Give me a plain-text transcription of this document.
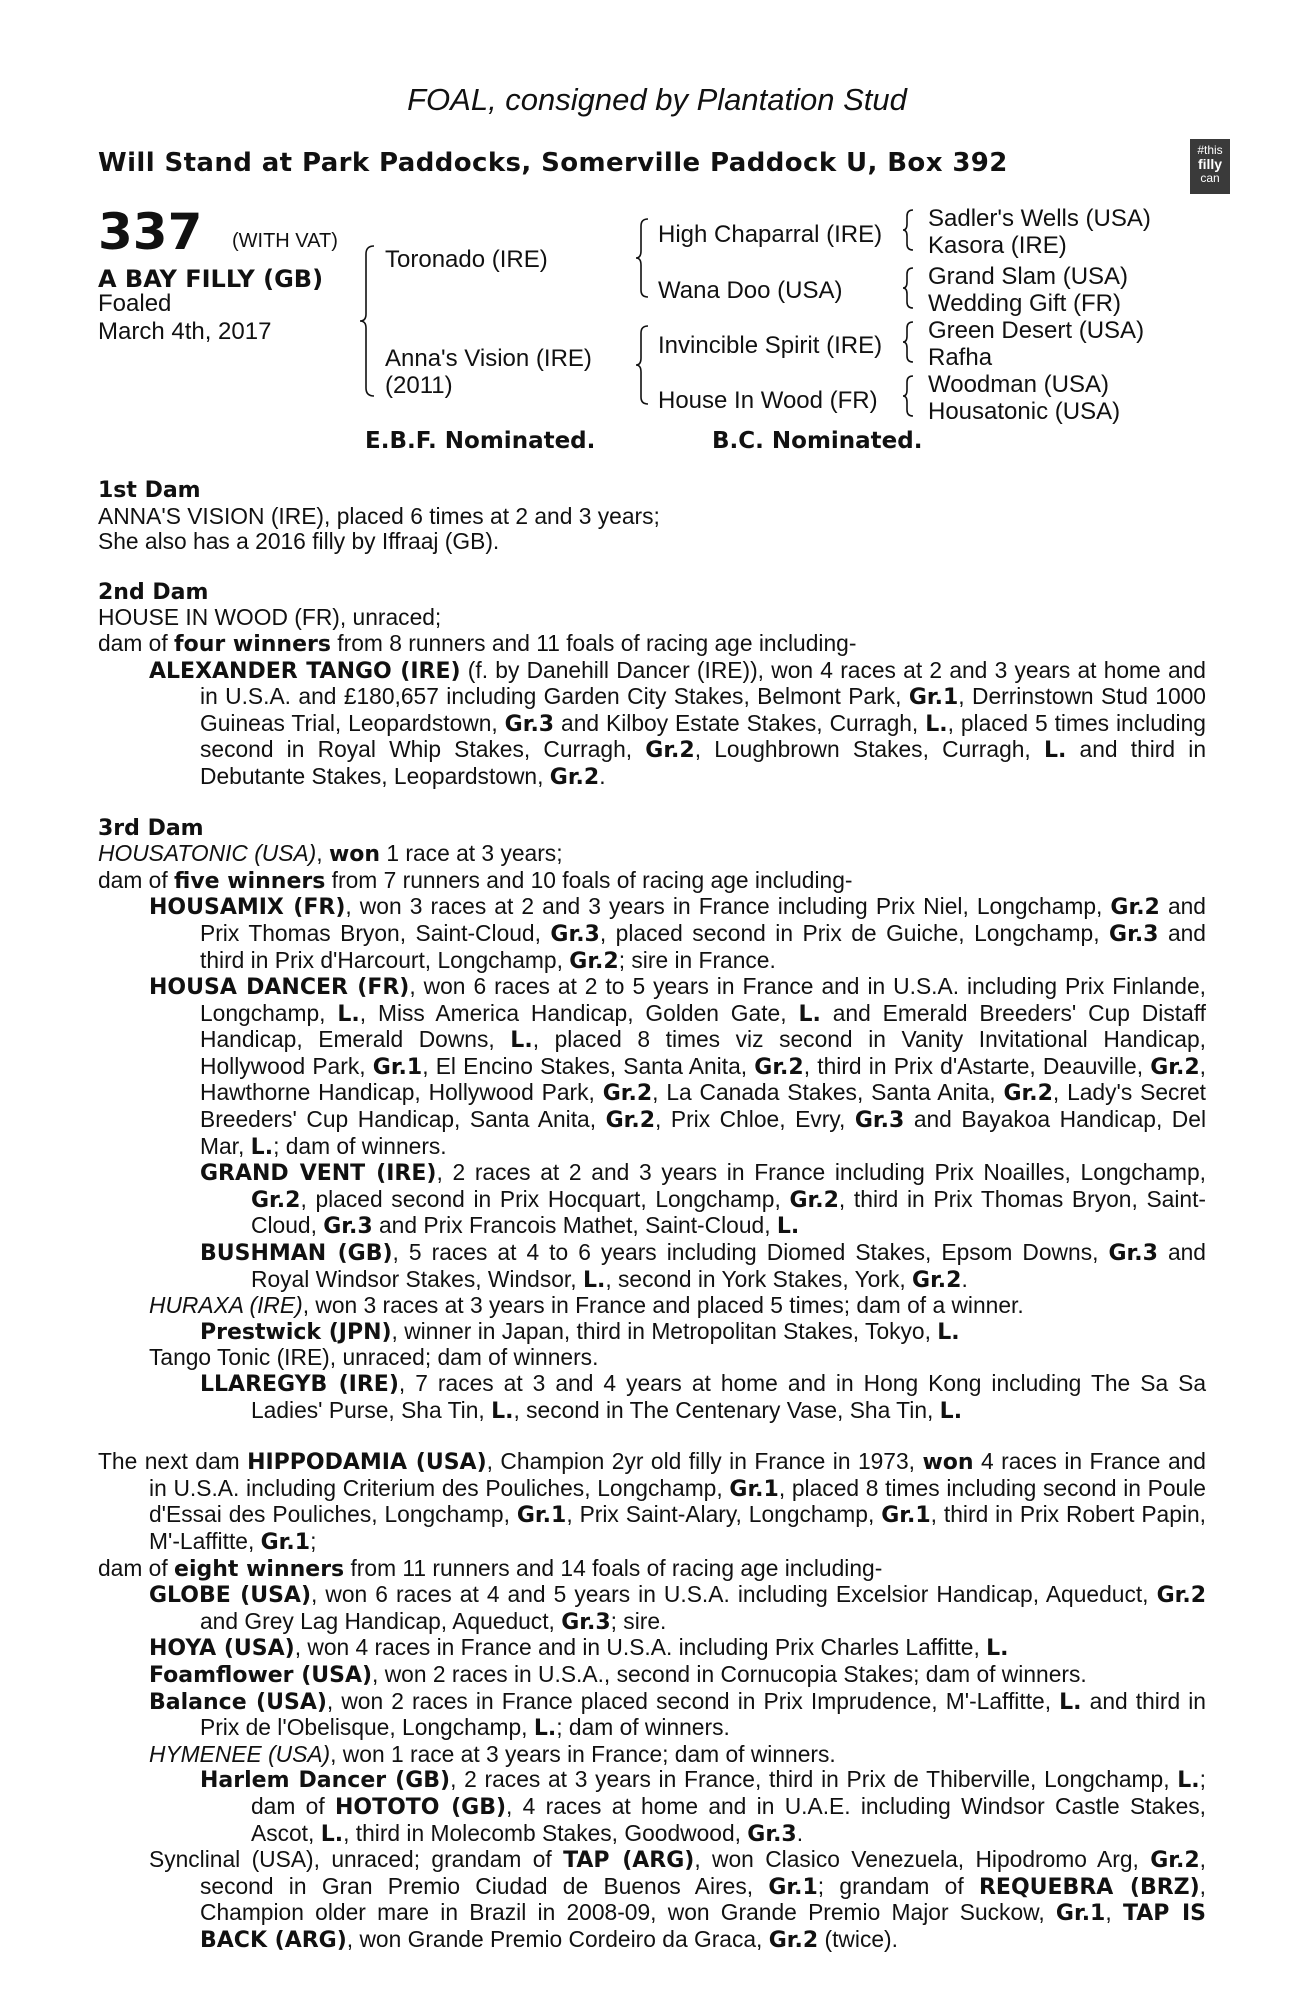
FOAL, consigned by Plantation Stud
Will Stand at Park Paddocks, Somerville Paddock U, Box 392	#this
filly
can
337 (WITH VAT)
A BAY FILLY (GB)
Foaled
March 4th, 2017
Toronado (IRE)
Anna's Vision (IRE)
(2011)
High Chaparral (IRE)
Wana Doo (USA)
Invincible Spirit (IRE)
House In Wood (FR)
Sadler's Wells (USA)
Kasora (IRE)
Grand Slam (USA)
Wedding Gift (FR)
Green Desert (USA)
Rafha
Woodman (USA)
Housatonic (USA)
E.B.F. Nominated.	B.C. Nominated.

1st Dam

ANNA'S VISION (IRE), placed 6 times at 2 and 3 years;

She also has a 2016 filly by Iffraaj (GB).

2nd Dam

HOUSE IN WOOD (FR), unraced;

dam of four winners from 8 runners and 11 foals of racing age including-

ALEXANDER TANGO (IRE) (f. by Danehill Dancer (IRE)), won 4 races at 2 and 3 years at home and in U.S.A. and £180,657 including Garden City Stakes, Belmont Park, Gr.1, Derrinstown Stud 1000 Guineas Trial, Leopardstown, Gr.3 and Kilboy Estate Stakes, Curragh, L., placed 5 times including second in Royal Whip Stakes, Curragh, Gr.2, Loughbrown Stakes, Curragh, L. and third in Debutante Stakes, Leopardstown, Gr.2.

3rd Dam

HOUSATONIC (USA), won 1 race at 3 years;

dam of five winners from 7 runners and 10 foals of racing age including-

HOUSAMIX (FR), won 3 races at 2 and 3 years in France including Prix Niel, Longchamp, Gr.2 and Prix Thomas Bryon, Saint-Cloud, Gr.3, placed second in Prix de Guiche, Longchamp, Gr.3 and third in Prix d'Harcourt, Longchamp, Gr.2; sire in France.

HOUSA DANCER (FR), won 6 races at 2 to 5 years in France and in U.S.A. including Prix Finlande, Longchamp, L., Miss America Handicap, Golden Gate, L. and Emerald Breeders' Cup Distaff Handicap, Emerald Downs, L., placed 8 times viz second in Vanity Invitational Handicap, Hollywood Park, Gr.1, El Encino Stakes, Santa Anita, Gr.2, third in Prix d'Astarte, Deauville, Gr.2, Hawthorne Handicap, Hollywood Park, Gr.2, La Canada Stakes, Santa Anita, Gr.2, Lady's Secret Breeders' Cup Handicap, Santa Anita, Gr.2, Prix Chloe, Evry, Gr.3 and Bayakoa Handicap, Del Mar, L.; dam of winners.

GRAND VENT (IRE), 2 races at 2 and 3 years in France including Prix Noailles, Longchamp, Gr.2, placed second in Prix Hocquart, Longchamp, Gr.2, third in Prix Thomas Bryon, Saint-Cloud, Gr.3 and Prix Francois Mathet, Saint-Cloud, L.

BUSHMAN (GB), 5 races at 4 to 6 years including Diomed Stakes, Epsom Downs, Gr.3 and Royal Windsor Stakes, Windsor, L., second in York Stakes, York, Gr.2.

HURAXA (IRE), won 3 races at 3 years in France and placed 5 times; dam of a winner.

Prestwick (JPN), winner in Japan, third in Metropolitan Stakes, Tokyo, L.

Tango Tonic (IRE), unraced; dam of winners.

LLAREGYB (IRE), 7 races at 3 and 4 years at home and in Hong Kong including The Sa Sa Ladies' Purse, Sha Tin, L., second in The Centenary Vase, Sha Tin, L.

The next dam HIPPODAMIA (USA), Champion 2yr old filly in France in 1973, won 4 races in France and in U.S.A. including Criterium des Pouliches, Longchamp, Gr.1, placed 8 times including second in Poule d'Essai des Pouliches, Longchamp, Gr.1, Prix Saint-Alary, Longchamp, Gr.1, third in Prix Robert Papin, M'-Laffitte, Gr.1;

dam of eight winners from 11 runners and 14 foals of racing age including-

GLOBE (USA), won 6 races at 4 and 5 years in U.S.A. including Excelsior Handicap, Aqueduct, Gr.2 and Grey Lag Handicap, Aqueduct, Gr.3; sire.

HOYA (USA), won 4 races in France and in U.S.A. including Prix Charles Laffitte, L.

Foamflower (USA), won 2 races in U.S.A., second in Cornucopia Stakes; dam of winners.

Balance (USA), won 2 races in France placed second in Prix Imprudence, M'-Laffitte, L. and third in Prix de l'Obelisque, Longchamp, L.; dam of winners.

HYMENEE (USA), won 1 race at 3 years in France; dam of winners.

Harlem Dancer (GB), 2 races at 3 years in France, third in Prix de Thiberville, Longchamp, L.; dam of HOTOTO (GB), 4 races at home and in U.A.E. including Windsor Castle Stakes, Ascot, L., third in Molecomb Stakes, Goodwood, Gr.3.

Synclinal (USA), unraced; grandam of TAP (ARG), won Clasico Venezuela, Hipodromo Arg, Gr.2, second in Gran Premio Ciudad de Buenos Aires, Gr.1; grandam of REQUEBRA (BRZ), Champion older mare in Brazil in 2008-09, won Grande Premio Major Suckow, Gr.1, TAP IS BACK (ARG), won Grande Premio Cordeiro da Graca, Gr.2 (twice).
